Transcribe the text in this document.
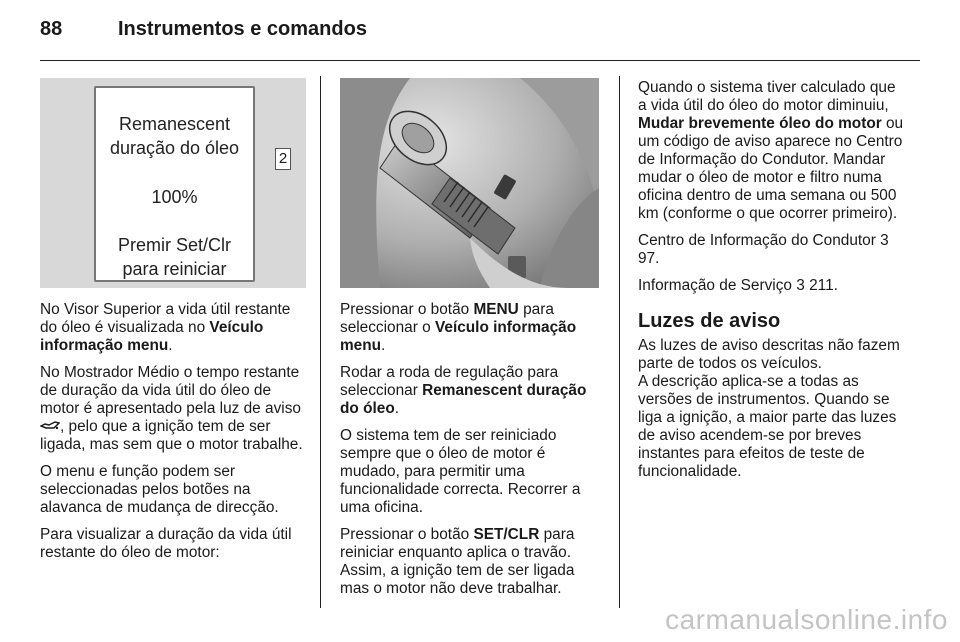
88	Instrumentos e comandos
Remanescent
duração do óleo
100%
Premir Set/Clr
para reiniciar
2

No Visor Superior a vida útil restante do óleo é visualizada no Veículo informação menu.

No Mostrador Médio o tempo restante de duração da vida útil do óleo de motor é apresentado pela luz de aviso , pelo que a ignição tem de ser ligada, mas sem que o motor trabalhe.

O menu e função podem ser seleccionadas pelos botões na alavanca de mudança de direcção.

Para visualizar a duração da vida útil restante do óleo de motor:

Pressionar o botão MENU para seleccionar o Veículo informação menu.

Rodar a roda de regulação para seleccionar Remanescent duração do óleo.

O sistema tem de ser reiniciado sempre que o óleo de motor é mudado, para permitir uma funcionalidade correcta. Recorrer a uma oficina.

Pressionar o botão SET/CLR para reiniciar enquanto aplica o travão. Assim, a ignição tem de ser ligada mas o motor não deve trabalhar.

Quando o sistema tiver calculado que a vida útil do óleo do motor diminuiu, Mudar brevemente óleo do motor ou um código de aviso aparece no Centro de Informação do Condutor. Mandar mudar o óleo de motor e filtro numa oficina dentro de uma semana ou 500 km (conforme o que ocorrer primeiro).

Centro de Informação do Condutor 3 97.

Informação de Serviço 3 211.

Luzes de aviso

As luzes de aviso descritas não fazem parte de todos os veículos.

A descrição aplica-se a todas as versões de instrumentos. Quando se liga a ignição, a maior parte das luzes de aviso acendem-se por breves instantes para efeitos de teste de funcionalidade.

carmanualsonline.info
